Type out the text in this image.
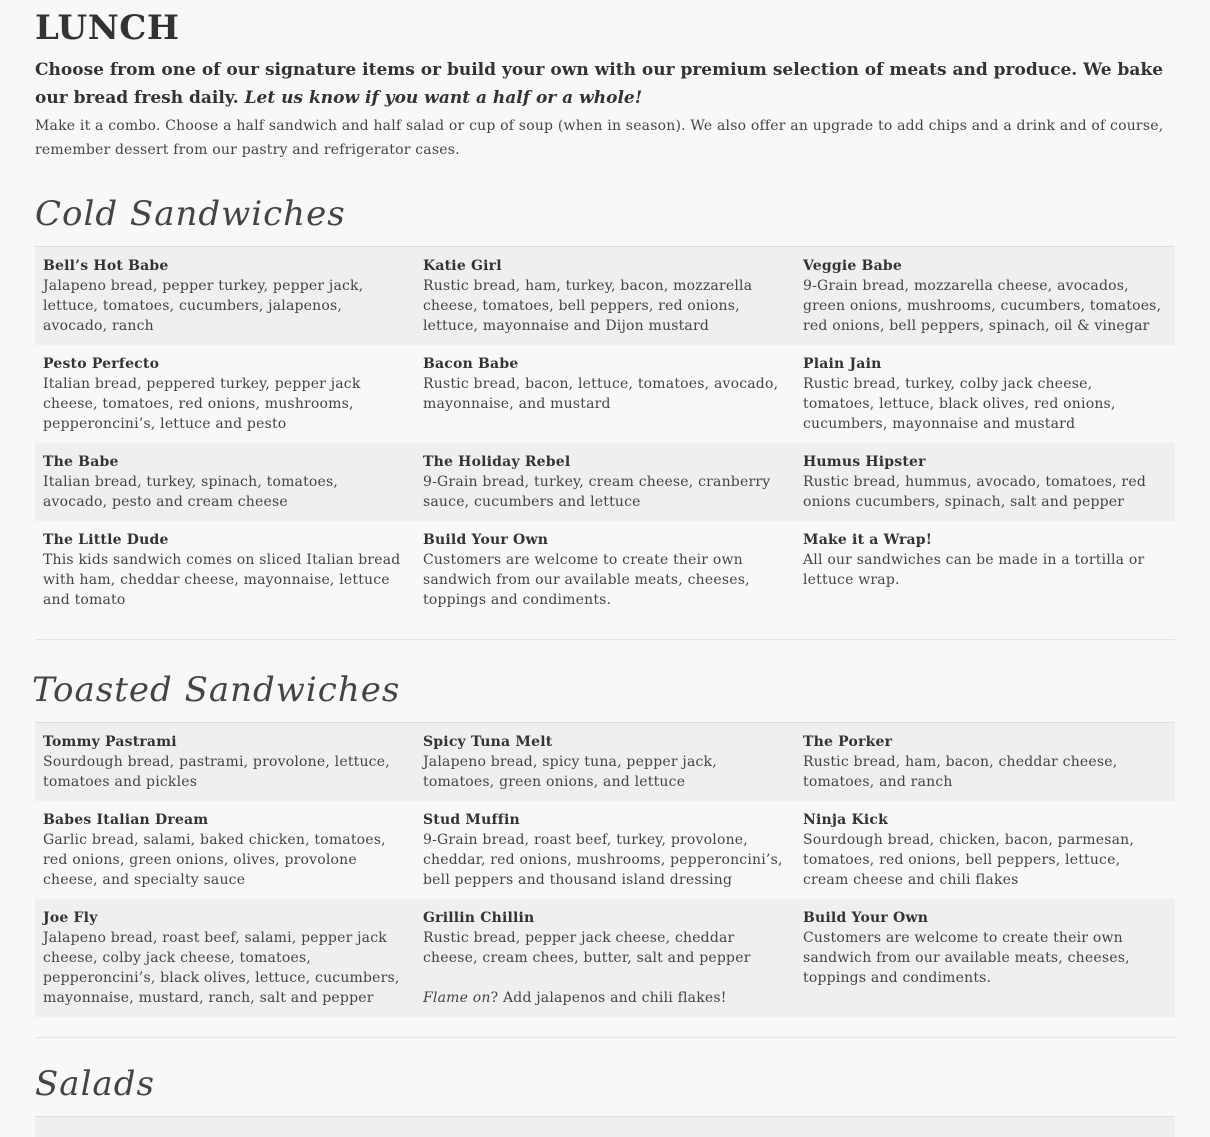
LUNCH

Choose from one of our signature items or build your own with our premium selection of meats and produce. We bake our bread fresh daily. Let us know if you want a half or a whole!

Make it a combo. Choose a half sandwich and half salad or cup of soup (when in season). We also offer an upgrade to add chips and a drink and of course, remember dessert from our pastry and refrigerator cases.

Cold Sandwiches
Bell’s Hot Babe
Jalapeno bread, pepper turkey, pepper jack, lettuce, tomatoes, cucumbers, jalapenos, avocado, ranch	Katie Girl
Rustic bread, ham, turkey, bacon, mozzarella cheese, tomatoes, bell peppers, red onions, lettuce, mayonnaise and Dijon mustard	Veggie Babe
9-Grain bread, mozzarella cheese, avocados, green onions, mushrooms, cucumbers, tomatoes, red onions, bell peppers, spinach, oil & vinegar

Pesto Perfecto
Italian bread, peppered turkey, pepper jack cheese, tomatoes, red onions, mushrooms, pepperoncini’s, lettuce and pesto	Bacon Babe
Rustic bread, bacon, lettuce, tomatoes, avocado, mayonnaise, and mustard	Plain Jain
Rustic bread, turkey, colby jack cheese, tomatoes, lettuce, black olives, red onions, cucumbers, mayonnaise and mustard

The Babe
Italian bread, turkey, spinach, tomatoes, avocado, pesto and cream cheese	The Holiday Rebel
9-Grain bread, turkey, cream cheese, cranberry sauce, cucumbers and lettuce	Humus Hipster
Rustic bread, hummus, avocado, tomatoes, red onions cucumbers, spinach, salt and pepper

The Little Dude
This kids sandwich comes on sliced Italian bread with ham, cheddar cheese, mayonnaise, lettuce and tomato	Build Your Own
Customers are welcome to create their own sandwich from our available meats, cheeses, toppings and condiments.	Make it a Wrap!
All our sandwiches can be made in a tortilla or lettuce wrap.
Toasted Sandwiches
Tommy Pastrami
Sourdough bread, pastrami, provolone, lettuce, tomatoes and pickles	Spicy Tuna Melt
Jalapeno bread, spicy tuna, pepper jack, tomatoes, green onions, and lettuce	The Porker
Rustic bread, ham, bacon, cheddar cheese, tomatoes, and ranch

Babes Italian Dream
Garlic bread, salami, baked chicken, tomatoes, red onions, green onions, olives, provolone cheese, and specialty sauce	Stud Muffin
9-Grain bread, roast beef, turkey, provolone, cheddar, red onions, mushrooms, pepperoncini’s, bell peppers and thousand island dressing	Ninja Kick
Sourdough bread, chicken, bacon, parmesan, tomatoes, red onions, bell peppers, lettuce, cream cheese and chili flakes

Joe Fly
Jalapeno bread, roast beef, salami, pepper jack cheese, colby jack cheese, tomatoes, pepperoncini’s, black olives, lettuce, cucumbers, mayonnaise, mustard, ranch, salt and pepper	Grillin Chillin
Rustic bread, pepper jack cheese, cheddar cheese, cream chees, butter, salt and pepper
Flame on? Add jalapenos and chili flakes!	Build Your Own
Customers are welcome to create their own sandwich from our available meats, cheeses, toppings and condiments.
Salads
